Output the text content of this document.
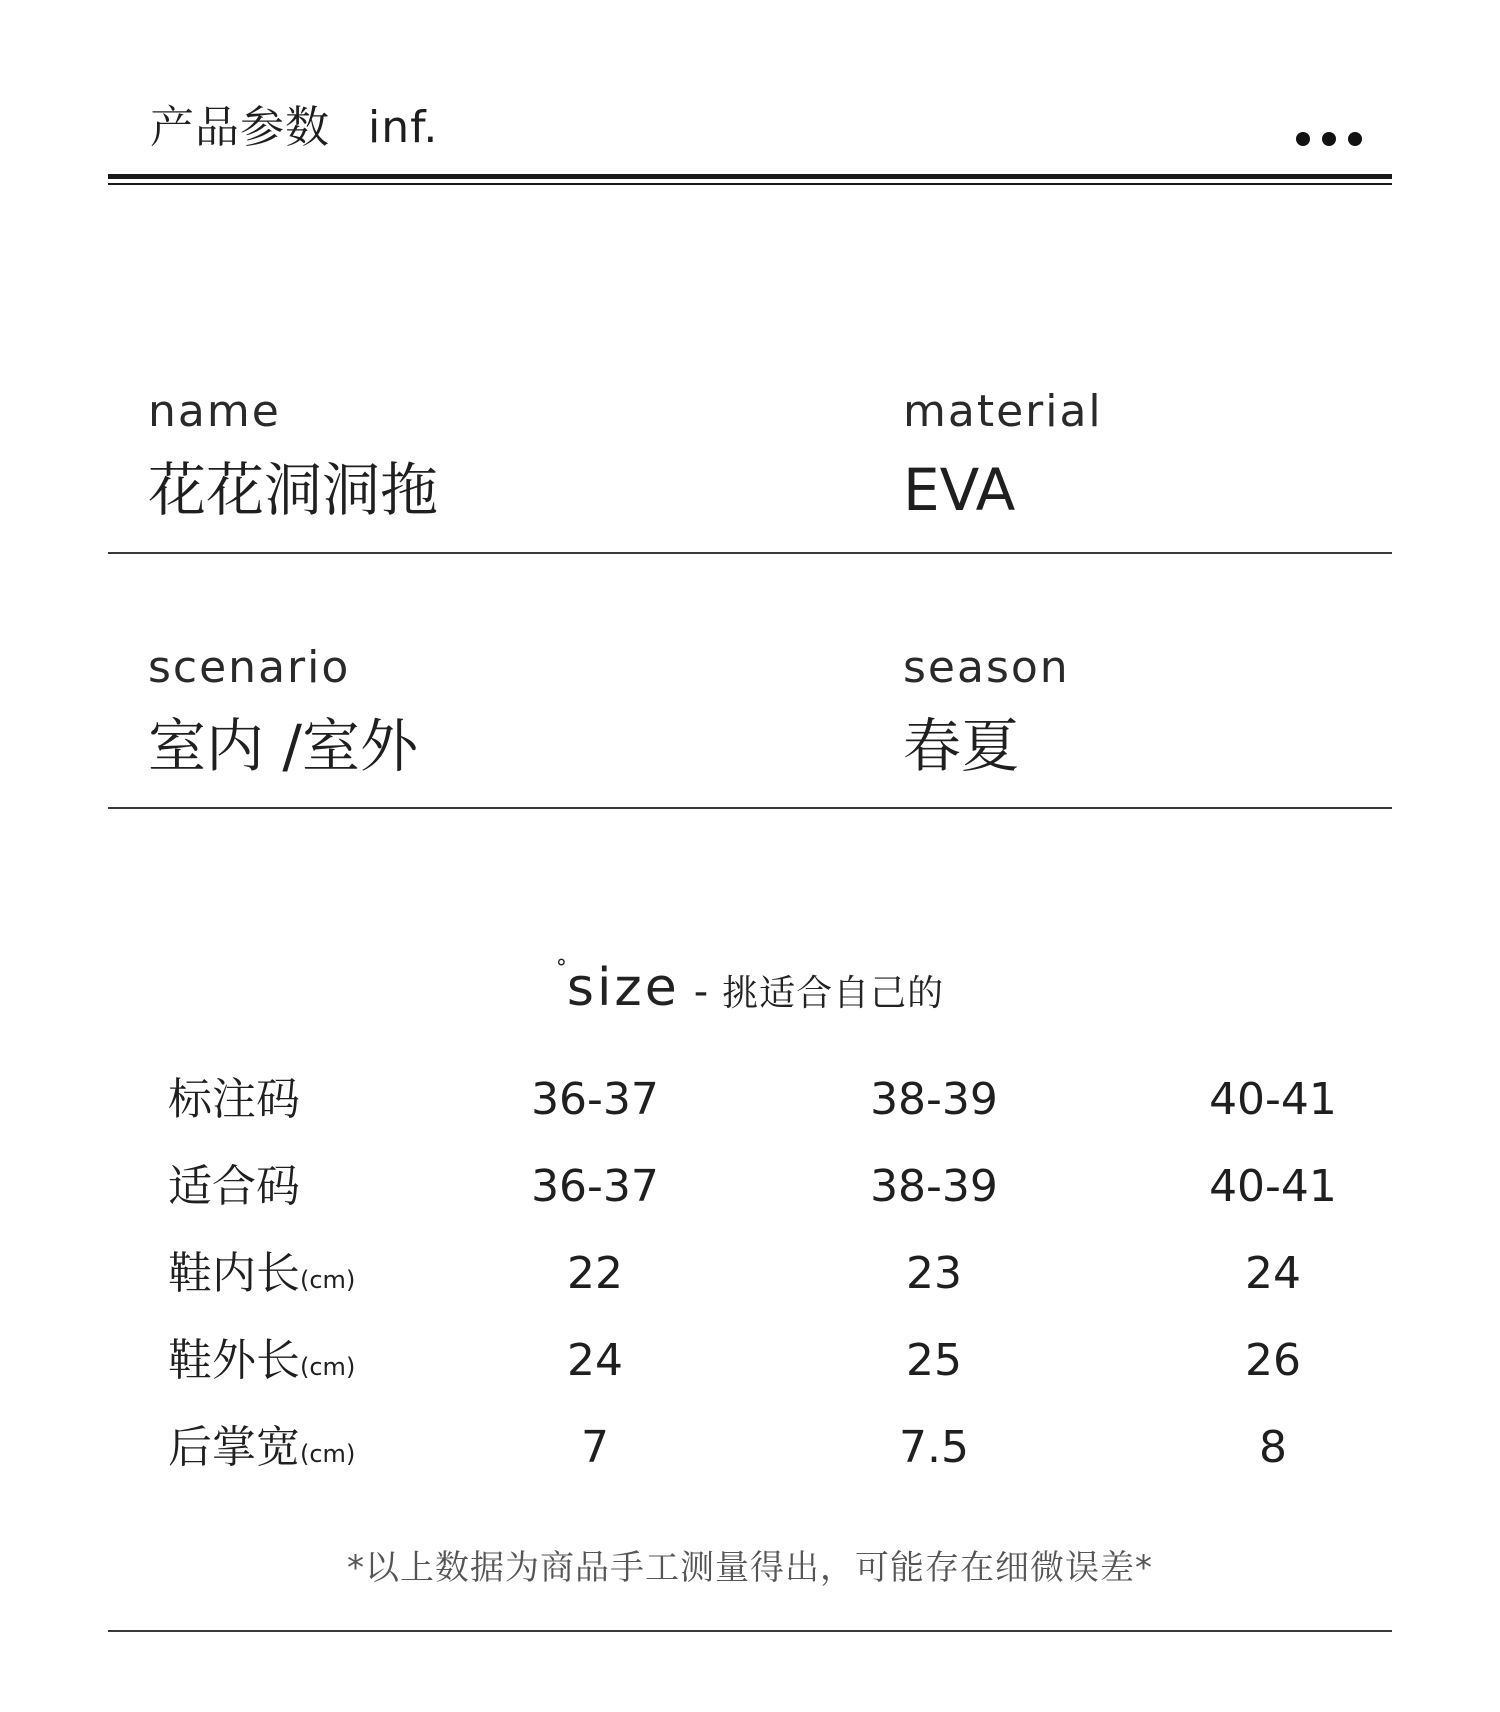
产品参数 inf.
name
花花洞洞拖
material
EVA
scenario
室内 /室外
season
春夏
°size - 挑适合自己的
标注码	36-37	38-39	40-41
适合码	36-37	38-39	40-41
鞋内长(cm)	22	23	24
鞋外长(cm)	24	25	26
后掌宽(cm)	7	7.5	8
*以上数据为商品手工测量得出，可能存在细微误差*
